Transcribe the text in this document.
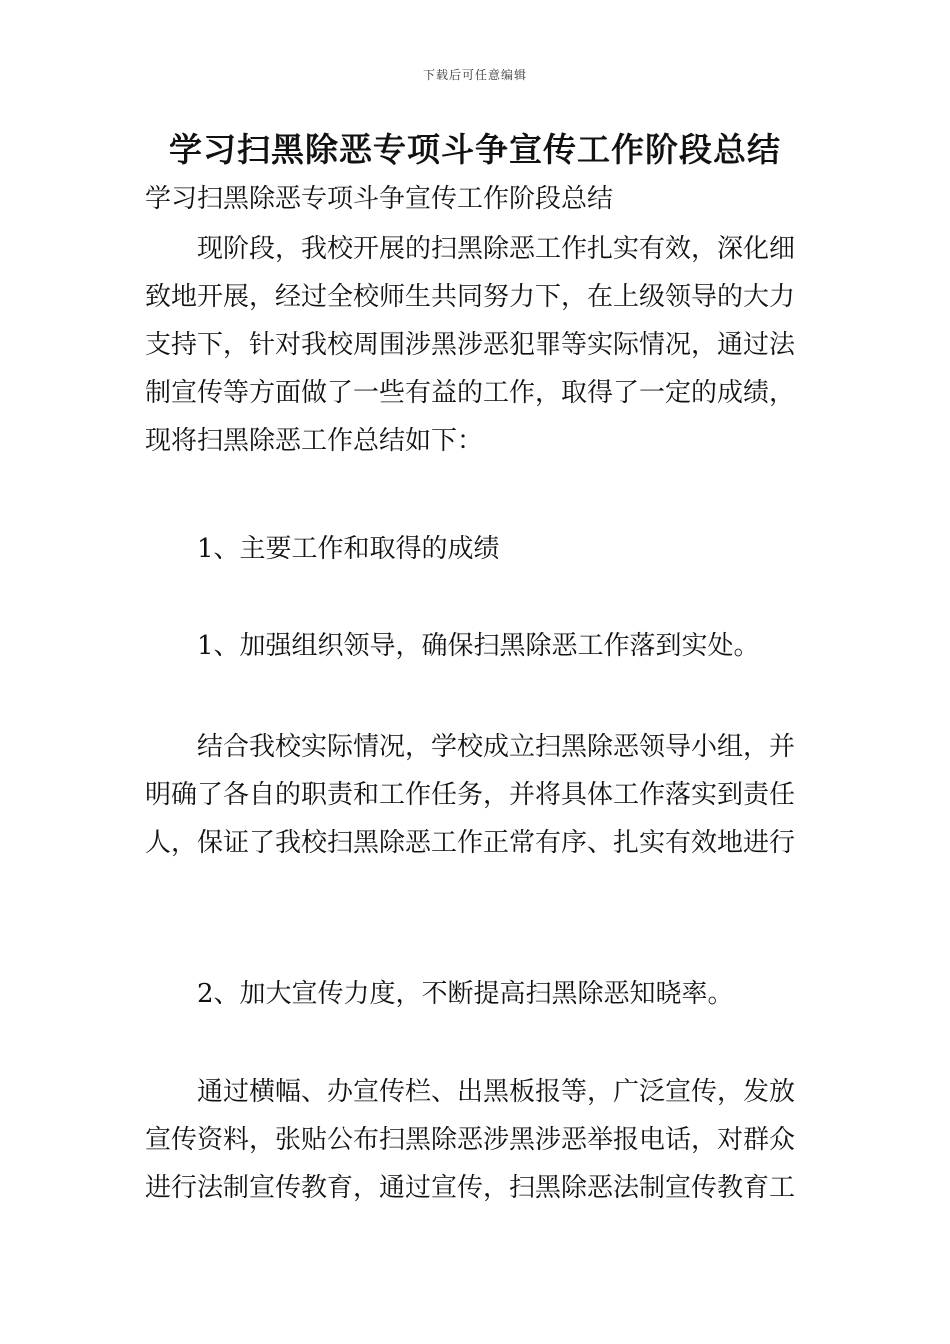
下载后可任意编辑
学习扫黑除恶专项斗争宣传工作阶段总结

学习扫黑除恶专项斗争宣传工作阶段总结

现阶段，我校开展的扫黑除恶工作扎实有效，深化细致地开展，经过全校师生共同努力下，在上级领导的大力支持下，针对我校周围涉黑涉恶犯罪等实际情况，通过法制宣传等方面做了一些有益的工作，取得了一定的成绩，现将扫黑除恶工作总结如下：

1、主要工作和取得的成绩

1、加强组织领导，确保扫黑除恶工作落到实处。

结合我校实际情况，学校成立扫黑除恶领导小组，并明确了各自的职责和工作任务，并将具体工作落实到责任人，保证了我校扫黑除恶工作正常有序、扎实有效地进行

2、加大宣传力度，不断提高扫黑除恶知晓率。

通过横幅、办宣传栏、出黑板报等，广泛宣传，发放宣传资料，张贴公布扫黑除恶涉黑涉恶举报电话，对群众进行法制宣传教育，通过宣传，扫黑除恶法制宣传教育工
